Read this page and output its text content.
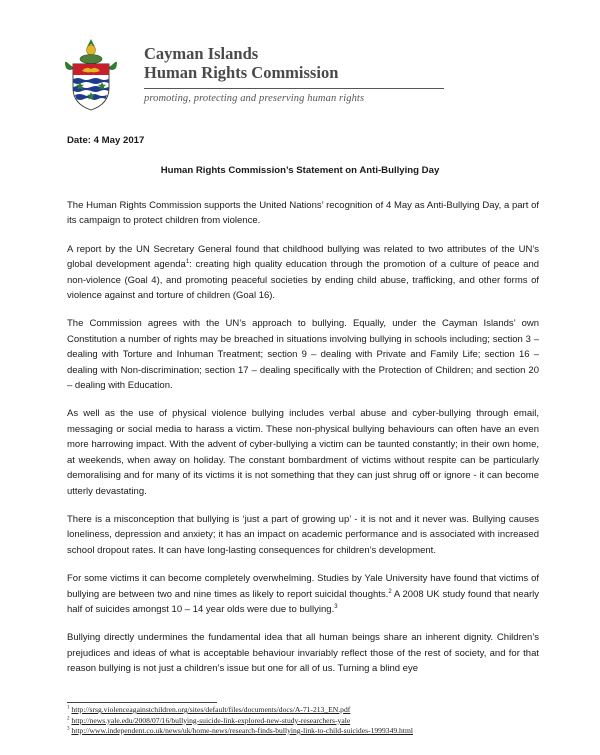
Cayman Islands
Human Rights Commission
promoting, protecting and preserving human rights
Date: 4 May 2017
Human Rights Commission’s Statement on Anti-Bullying Day

The Human Rights Commission supports the United Nations’ recognition of 4 May as Anti-Bullying Day, a part of its campaign to protect children from violence.

A report by the UN Secretary General found that childhood bullying was related to two attributes of the UN’s global development agenda$^1$: creating high quality education through the promotion of a culture of peace and non-violence (Goal 4), and promoting peaceful societies by ending child abuse, trafficking, and other forms of violence against and torture of children (Goal 16).

The Commission agrees with the UN’s approach to bullying. Equally, under the Cayman Islands’ own Constitution a number of rights may be breached in situations involving bullying in schools including; section 3 – dealing with Torture and Inhuman Treatment; section 9 – dealing with Private and Family Life; section 16 – dealing with Non-discrimination; section 17 – dealing specifically with the Protection of Children; and section 20 – dealing with Education.

As well as the use of physical violence bullying includes verbal abuse and cyber-bullying through email, messaging or social media to harass a victim. These non-physical bullying behaviours can often have an even more harrowing impact. With the advent of cyber-bullying a victim can be taunted constantly; in their own home, at weekends, when away on holiday. The constant bombardment of victims without respite can be particularly demoralising and for many of its victims it is not something that they can just shrug off or ignore - it can become utterly devastating.

There is a misconception that bullying is ‘just a part of growing up’ - it is not and it never was. Bullying causes loneliness, depression and anxiety; it has an impact on academic performance and is associated with increased school dropout rates. It can have long-lasting consequences for children’s development.

For some victims it can become completely overwhelming. Studies by Yale University have found that victims of bullying are between two and nine times as likely to report suicidal thoughts.$^2$ A 2008 UK study found that nearly half of suicides amongst 10 – 14 year olds were due to bullying.$^3$

Bullying directly undermines the fundamental idea that all human beings share an inherent dignity. Children’s prejudices and ideas of what is acceptable behaviour invariably reflect those of the rest of society, and for that reason bullying is not just a children’s issue but one for all of us. Turning a blind eye

$^1$ http://srsg.violenceagainstchildren.org/sites/default/files/documents/docs/A-71-213_EN.pdf
$^2$ http://news.yale.edu/2008/07/16/bullying-suicide-link-explored-new-study-researchers-yale
$^3$ http://www.independent.co.uk/news/uk/home-news/research-finds-bullying-link-to-child-suicides-1999349.html
